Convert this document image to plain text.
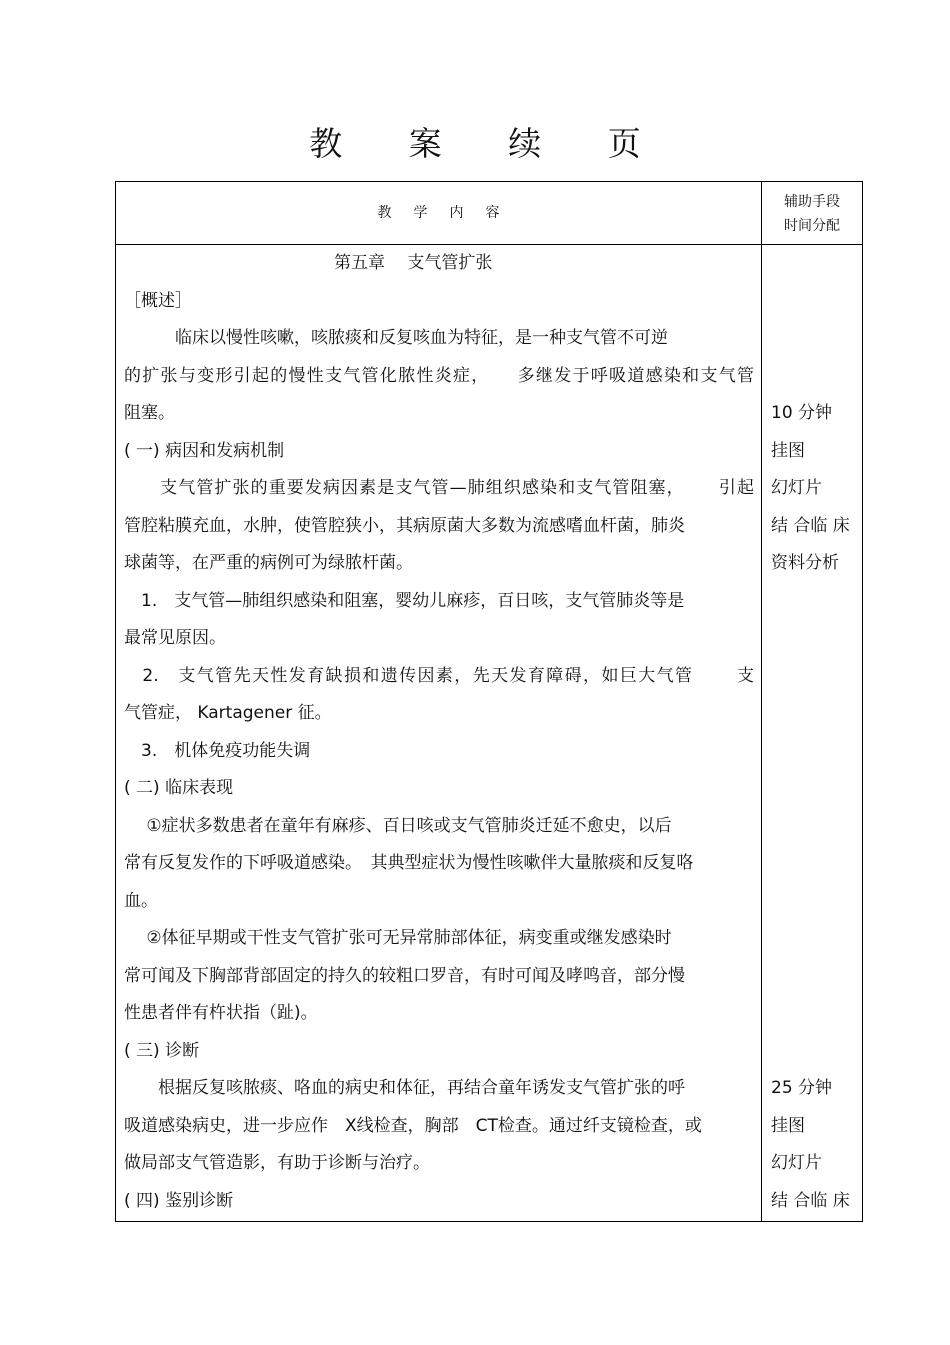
教 案 续 页
教学内容
辅助手段
时间分配
第五章　 支气管扩张
［概述］
　　　临床以慢性咳嗽，咳脓痰和反复咳血为特征，是一种支气管不可逆
的扩张与变形引起的慢性支气管化脓性炎症，　　多继发于呼吸道感染和支气管
阻塞。
( 一) 病因和发病机制
　　支气管扩张的重要发病因素是支气管—肺组织感染和支气管阻塞，　　 引起
管腔粘膜充血，水肿，使管腔狭小，其病原菌大多数为流感嗜血杆菌，肺炎
球菌等，在严重的病例可为绿脓杆菌。
　1.　支气管—肺组织感染和阻塞，婴幼儿麻疹，百日咳，支气管肺炎等是
最常见原因。
　2.　支气管先天性发育缺损和遗传因素，先天发育障碍，如巨大气管　　 支
气管症， Kartagener 征。
　3.　机体免疫功能失调
( 二) 临床表现
　 ①症状多数患者在童年有麻疹、百日咳或支气管肺炎迁延不愈史，以后
常有反复发作的下呼吸道感染。　其典型症状为慢性咳嗽伴大量脓痰和反复咯
血。
　 ②体征早期或干性支气管扩张可无异常肺部体征，病变重或继发感染时
常可闻及下胸部背部固定的持久的较粗口罗音，有时可闻及哮鸣音，部分慢
性患者伴有杵状指（趾)。
( 三) 诊断
　　根据反复咳脓痰、咯血的病史和体征，再结合童年诱发支气管扩张的呼
吸道感染病史，进一步应作　X线检查，胸部　CT检查。通过纤支镜检查，或
做局部支气管造影，有助于诊断与治疗。
( 四) 鉴别诊断
10 分钟
挂图
幻灯片
结 合临 床
资料分析
25 分钟
挂图
幻灯片
结 合临 床
